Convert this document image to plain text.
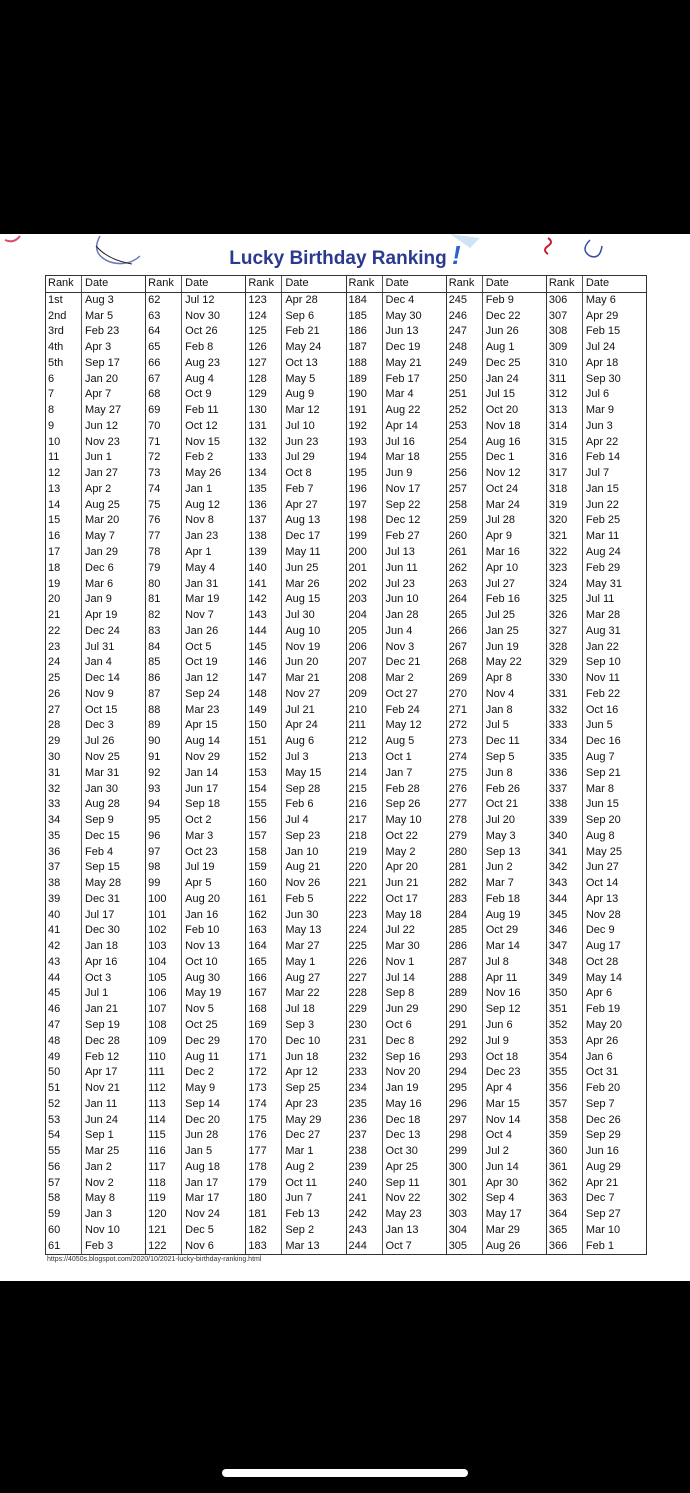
Lucky Birthday Ranking !
Rank	Date
1st	Aug 3
2nd	Mar 5
3rd	Feb 23
4th	Apr 3
5th	Sep 17
6	Jan 20
7	Apr 7
8	May 27
9	Jun 12
10	Nov 23
11	Jun 1
12	Jan 27
13	Apr 2
14	Aug 25
15	Mar 20
16	May 7
17	Jan 29
18	Dec 6
19	Mar 6
20	Jan 9
21	Apr 19
22	Dec 24
23	Jul 31
24	Jan 4
25	Dec 14
26	Nov 9
27	Oct 15
28	Dec 3
29	Jul 26
30	Nov 25
31	Mar 31
32	Jan 30
33	Aug 28
34	Sep 9
35	Dec 15
36	Feb 4
37	Sep 15
38	May 28
39	Dec 31
40	Jul 17
41	Dec 30
42	Jan 18
43	Apr 16
44	Oct 3
45	Jul 1
46	Jan 21
47	Sep 19
48	Dec 28
49	Feb 12
50	Apr 17
51	Nov 21
52	Jan 11
53	Jun 24
54	Sep 1
55	Mar 25
56	Jan 2
57	Nov 2
58	May 8
59	Jan 3
60	Nov 10
61	Feb 3
Rank	Date
62	Jul 12
63	Nov 30
64	Oct 26
65	Feb 8
66	Aug 23
67	Aug 4
68	Oct 9
69	Feb 11
70	Oct 12
71	Nov 15
72	Feb 2
73	May 26
74	Jan 1
75	Aug 12
76	Nov 8
77	Jan 23
78	Apr 1
79	May 4
80	Jan 31
81	Mar 19
82	Nov 7
83	Jan 26
84	Oct 5
85	Oct 19
86	Jan 12
87	Sep 24
88	Mar 23
89	Apr 15
90	Aug 14
91	Nov 29
92	Jan 14
93	Jun 17
94	Sep 18
95	Oct 2
96	Mar 3
97	Oct 23
98	Jul 19
99	Apr 5
100	Aug 20
101	Jan 16
102	Feb 10
103	Nov 13
104	Oct 10
105	Aug 30
106	May 19
107	Nov 5
108	Oct 25
109	Dec 29
110	Aug 11
111	Dec 2
112	May 9
113	Sep 14
114	Dec 20
115	Jun 28
116	Jan 5
117	Aug 18
118	Jan 17
119	Mar 17
120	Nov 24
121	Dec 5
122	Nov 6
Rank	Date
123	Apr 28
124	Sep 6
125	Feb 21
126	May 24
127	Oct 13
128	May 5
129	Aug 9
130	Mar 12
131	Jul 10
132	Jun 23
133	Jul 29
134	Oct 8
135	Feb 7
136	Apr 27
137	Aug 13
138	Dec 17
139	May 11
140	Jun 25
141	Mar 26
142	Aug 15
143	Jul 30
144	Aug 10
145	Nov 19
146	Jun 20
147	Mar 21
148	Nov 27
149	Jul 21
150	Apr 24
151	Aug 6
152	Jul 3
153	May 15
154	Sep 28
155	Feb 6
156	Jul 4
157	Sep 23
158	Jan 10
159	Aug 21
160	Nov 26
161	Feb 5
162	Jun 30
163	May 13
164	Mar 27
165	May 1
166	Aug 27
167	Mar 22
168	Jul 18
169	Sep 3
170	Dec 10
171	Jun 18
172	Apr 12
173	Sep 25
174	Apr 23
175	May 29
176	Dec 27
177	Mar 1
178	Aug 2
179	Oct 11
180	Jun 7
181	Feb 13
182	Sep 2
183	Mar 13
Rank	Date
184	Dec 4
185	May 30
186	Jun 13
187	Dec 19
188	May 21
189	Feb 17
190	Mar 4
191	Aug 22
192	Apr 14
193	Jul 16
194	Mar 18
195	Jun 9
196	Nov 17
197	Sep 22
198	Dec 12
199	Feb 27
200	Jul 13
201	Jun 11
202	Jul 23
203	Jun 10
204	Jan 28
205	Jun 4
206	Nov 3
207	Dec 21
208	Mar 2
209	Oct 27
210	Feb 24
211	May 12
212	Aug 5
213	Oct 1
214	Jan 7
215	Feb 28
216	Sep 26
217	May 10
218	Oct 22
219	May 2
220	Apr 20
221	Jun 21
222	Oct 17
223	May 18
224	Jul 22
225	Mar 30
226	Nov 1
227	Jul 14
228	Sep 8
229	Jun 29
230	Oct 6
231	Dec 8
232	Sep 16
233	Nov 20
234	Jan 19
235	May 16
236	Dec 18
237	Dec 13
238	Oct 30
239	Apr 25
240	Sep 11
241	Nov 22
242	May 23
243	Jan 13
244	Oct 7
Rank	Date
245	Feb 9
246	Dec 22
247	Jun 26
248	Aug 1
249	Dec 25
250	Jan 24
251	Jul 15
252	Oct 20
253	Nov 18
254	Aug 16
255	Dec 1
256	Nov 12
257	Oct 24
258	Mar 24
259	Jul 28
260	Apr 9
261	Mar 16
262	Apr 10
263	Jul 27
264	Feb 16
265	Jul 25
266	Jan 25
267	Jun 19
268	May 22
269	Apr 8
270	Nov 4
271	Jan 8
272	Jul 5
273	Dec 11
274	Sep 5
275	Jun 8
276	Feb 26
277	Oct 21
278	Jul 20
279	May 3
280	Sep 13
281	Jun 2
282	Mar 7
283	Feb 18
284	Aug 19
285	Oct 29
286	Mar 14
287	Jul 8
288	Apr 11
289	Nov 16
290	Sep 12
291	Jun 6
292	Jul 9
293	Oct 18
294	Dec 23
295	Apr 4
296	Mar 15
297	Nov 14
298	Oct 4
299	Jul 2
300	Jun 14
301	Apr 30
302	Sep 4
303	May 17
304	Mar 29
305	Aug 26
Rank	Date
306	May 6
307	Apr 29
308	Feb 15
309	Jul 24
310	Apr 18
311	Sep 30
312	Jul 6
313	Mar 9
314	Jun 3
315	Apr 22
316	Feb 14
317	Jul 7
318	Jan 15
319	Jun 22
320	Feb 25
321	Mar 11
322	Aug 24
323	Feb 29
324	May 31
325	Jul 11
326	Mar 28
327	Aug 31
328	Jan 22
329	Sep 10
330	Nov 11
331	Feb 22
332	Oct 16
333	Jun 5
334	Dec 16
335	Aug 7
336	Sep 21
337	Mar 8
338	Jun 15
339	Sep 20
340	Aug 8
341	May 25
342	Jun 27
343	Oct 14
344	Apr 13
345	Nov 28
346	Dec 9
347	Aug 17
348	Oct 28
349	May 14
350	Apr 6
351	Feb 19
352	May 20
353	Apr 26
354	Jan 6
355	Oct 31
356	Feb 20
357	Sep 7
358	Dec 26
359	Sep 29
360	Jun 16
361	Aug 29
362	Apr 21
363	Dec 7
364	Sep 27
365	Mar 10
366	Feb 1
https://4050s.blogspot.com/2020/10/2021-lucky-birthday-ranking.html
